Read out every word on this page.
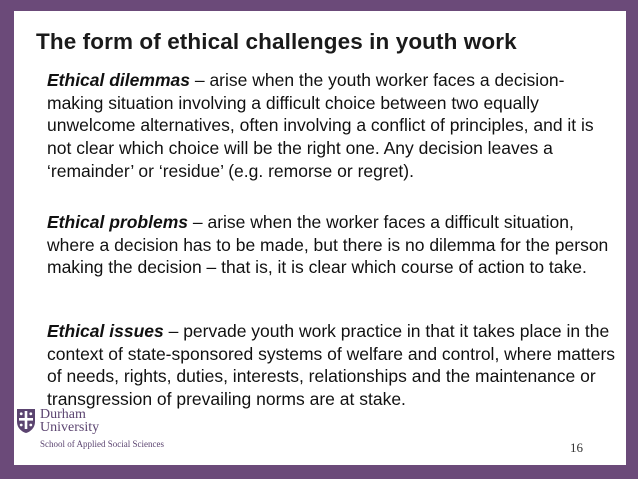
The form of ethical challenges in youth work

Ethical dilemmas – arise when the youth worker faces a decision-making situation involving a difficult choice between two equally unwelcome alternatives, often involving a conflict of principles, and it is not clear which choice will be the right one. Any decision leaves a ‘remainder’ or ‘residue’ (e.g. remorse or regret).

Ethical problems – arise when the worker faces a difficult situation, where a decision has to be made, but there is no dilemma for the person making the decision – that is, it is clear which course of action to take.

Ethical issues – pervade youth work practice in that it takes place in the context of state-sponsored systems of welfare and control, where matters of needs, rights, duties, interests, relationships and the maintenance or transgression of prevailing norms are at stake.

Durham
University
School of Applied Social Sciences	16
